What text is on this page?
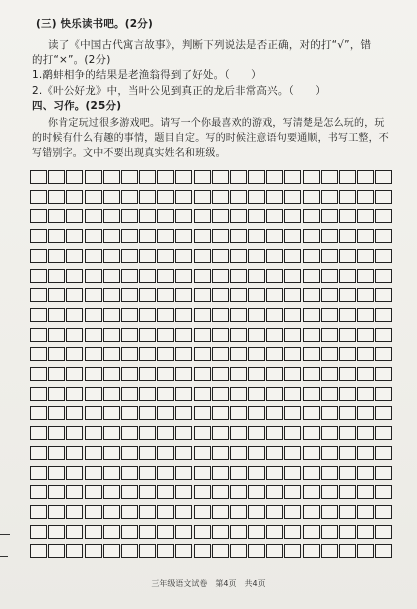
(三) 快乐读书吧。(2分)
读了《中国古代寓言故事》，判断下列说法是否正确，对的打“√”，错
的打“×”。(2分)
1.鹬蚌相争的结果是老渔翁得到了好处。（　　）
2.《叶公好龙》中，当叶公见到真正的龙后非常高兴。（　　）
四、习作。(25分)
你肯定玩过很多游戏吧。请写一个你最喜欢的游戏，写清楚是怎么玩的，玩
的时候有什么有趣的事情，题目自定。写的时候注意语句要通顺，书写工整，不
写错别字。文中不要出现真实姓名和班级。
三年级语文试卷　第4页　共4页
